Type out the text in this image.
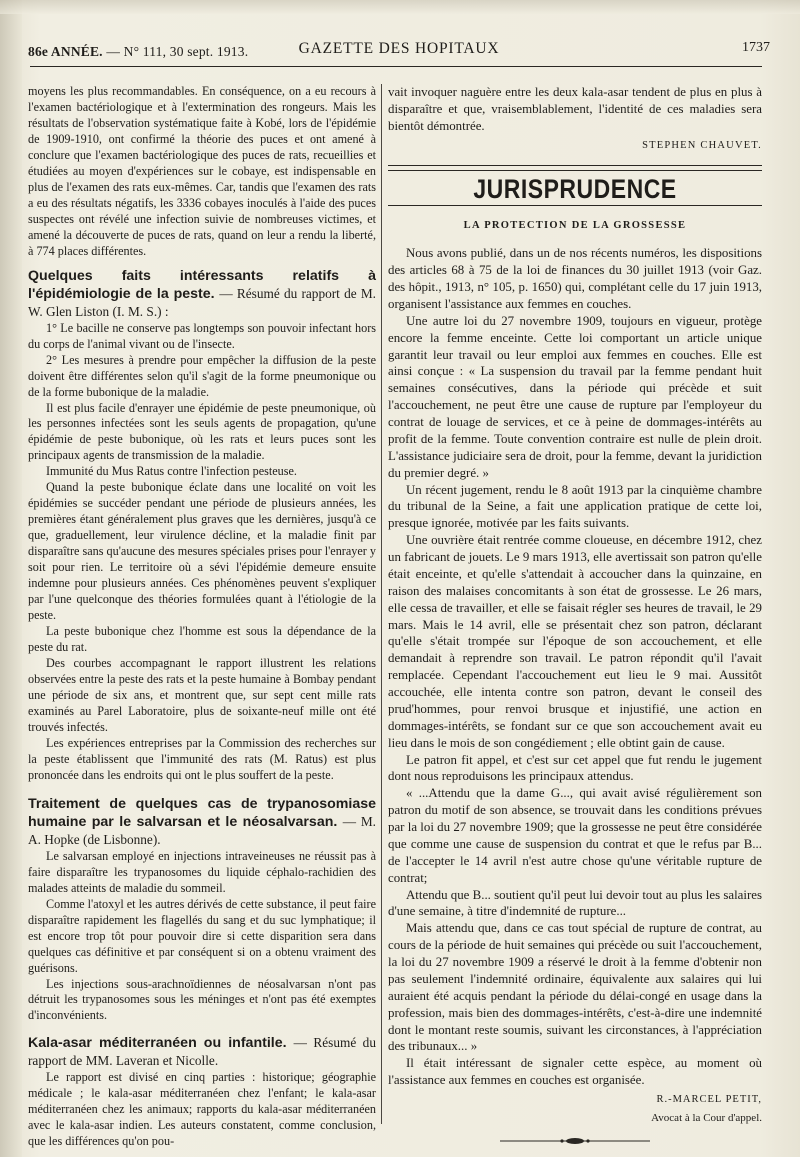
86e ANNÉE. — N° 111, 30 sept. 1913.	GAZETTE DES HOPITAUX	1737

moyens les plus recommandables. En conséquence, on a eu recours à l'examen bactériologique et à l'extermination des rongeurs. Mais les résultats de l'observation systématique faite à Kobé, lors de l'épidémie de 1909-1910, ont confirmé la théorie des puces et ont amené à conclure que l'examen bactériologique des puces de rats, recueillies et étudiées au moyen d'expériences sur le cobaye, est indispensable en plus de l'examen des rats eux-mêmes. Car, tandis que l'examen des rats a eu des résultats négatifs, les 3336 cobayes inoculés à l'aide des puces suspectes ont révélé une infection suivie de nombreuses victimes, et amené la découverte de puces de rats, quand on leur a rendu la liberté, à 774 places différentes.

Quelques faits intéressants relatifs à l'épidémiologie de la peste. — Résumé du rapport de M. W. Glen Liston (I. M. S.) :

1° Le bacille ne conserve pas longtemps son pouvoir infectant hors du corps de l'animal vivant ou de l'insecte.

2° Les mesures à prendre pour empêcher la diffusion de la peste doivent être différentes selon qu'il s'agit de la forme pneumonique ou de la forme bubonique de la maladie.

Il est plus facile d'enrayer une épidémie de peste pneumonique, où les personnes infectées sont les seuls agents de propagation, qu'une épidémie de peste bubonique, où les rats et leurs puces sont les principaux agents de transmission de la maladie.

Immunité du Mus Ratus contre l'infection pesteuse.

Quand la peste bubonique éclate dans une localité on voit les épidémies se succéder pendant une période de plusieurs années, les premières étant généralement plus graves que les dernières, jusqu'à ce que, graduellement, leur virulence décline, et la maladie finit par disparaître sans qu'aucune des mesures spéciales prises pour l'enrayer y soit pour rien. Le territoire où a sévi l'épidémie demeure ensuite indemne pour plusieurs années. Ces phénomènes peuvent s'expliquer par l'une quelconque des théories formulées quant à l'étiologie de la peste.

La peste bubonique chez l'homme est sous la dépendance de la peste du rat.

Des courbes accompagnant le rapport illustrent les relations observées entre la peste des rats et la peste humaine à Bombay pendant une période de six ans, et montrent que, sur sept cent mille rats examinés au Parel Laboratoire, plus de soixante-neuf mille ont été trouvés infectés.

Les expériences entreprises par la Commission des recherches sur la peste établissent que l'immunité des rats (M. Ratus) est plus prononcée dans les endroits qui ont le plus souffert de la peste.

Traitement de quelques cas de trypanosomiase humaine par le salvarsan et le néosalvarsan. — M. A. Hopke (de Lisbonne).

Le salvarsan employé en injections intraveineuses ne réussit pas à faire disparaître les trypanosomes du liquide céphalo-rachidien des malades atteints de maladie du sommeil.

Comme l'atoxyl et les autres dérivés de cette substance, il peut faire disparaître rapidement les flagellés du sang et du suc lymphatique; il est encore trop tôt pour pouvoir dire si cette disparition sera dans quelques cas définitive et par conséquent si on a obtenu vraiment des guérisons.

Les injections sous-arachnoïdiennes de néosalvarsan n'ont pas détruit les trypanosomes sous les méninges et n'ont pas été exemptes d'inconvénients.

Kala-asar méditerranéen ou infantile. — Résumé du rapport de MM. Laveran et Nicolle.

Le rapport est divisé en cinq parties : historique; géographie médicale ; le kala-asar méditerranéen chez l'enfant; le kala-asar méditerranéen chez les animaux; rapports du kala-asar méditerranéen avec le kala-asar indien. Les auteurs constatent, comme conclusion, que les différences qu'on pou-

vait invoquer naguère entre les deux kala-asar tendent de plus en plus à disparaître et que, vraisemblablement, l'identité de ces maladies sera bientôt démontrée.

STEPHEN CHAUVET.
JURISPRUDENCE
LA PROTECTION DE LA GROSSESSE

Nous avons publié, dans un de nos récents numéros, les dispositions des articles 68 à 75 de la loi de finances du 30 juillet 1913 (voir Gaz. des hôpit., 1913, n° 105, p. 1650) qui, complétant celle du 17 juin 1913, organisent l'assistance aux femmes en couches.

Une autre loi du 27 novembre 1909, toujours en vigueur, protège encore la femme enceinte. Cette loi comportant un article unique garantit leur travail ou leur emploi aux femmes en couches. Elle est ainsi conçue : « La suspension du travail par la femme pendant huit semaines consécutives, dans la période qui précède et suit l'accouchement, ne peut être une cause de rupture par l'employeur du contrat de louage de services, et ce à peine de dommages-intérêts au profit de la femme. Toute convention contraire est nulle de plein droit. L'assistance judiciaire sera de droit, pour la femme, devant la juridiction du premier degré. »

Un récent jugement, rendu le 8 août 1913 par la cinquième chambre du tribunal de la Seine, a fait une application pratique de cette loi, presque ignorée, motivée par les faits suivants.

Une ouvrière était rentrée comme cloueuse, en décembre 1912, chez un fabricant de jouets. Le 9 mars 1913, elle avertissait son patron qu'elle était enceinte, et qu'elle s'attendait à accoucher dans la quinzaine, en raison des malaises concomitants à son état de grossesse. Le 26 mars, elle cessa de travailler, et elle se faisait régler ses heures de travail, le 29 mars. Mais le 14 avril, elle se présentait chez son patron, déclarant qu'elle s'était trompée sur l'époque de son accouchement, et elle demandait à reprendre son travail. Le patron répondit qu'il l'avait remplacée. Cependant l'accouchement eut lieu le 9 mai. Aussitôt accouchée, elle intenta contre son patron, devant le conseil des prud'hommes, pour renvoi brusque et injustifié, une action en dommages-intérêts, se fondant sur ce que son accouchement avait eu lieu dans le mois de son congédiement ; elle obtint gain de cause.

Le patron fit appel, et c'est sur cet appel que fut rendu le jugement dont nous reproduisons les principaux attendus.

« ...Attendu que la dame G..., qui avait avisé régulièrement son patron du motif de son absence, se trouvait dans les conditions prévues par la loi du 27 novembre 1909; que la grossesse ne peut être considérée que comme une cause de suspension du contrat et que le refus par B... de l'accepter le 14 avril n'est autre chose qu'une véritable rupture de contrat;

Attendu que B... soutient qu'il peut lui devoir tout au plus les salaires d'une semaine, à titre d'indemnité de rupture...

Mais attendu que, dans ce cas tout spécial de rupture de contrat, au cours de la période de huit semaines qui précède ou suit l'accouchement, la loi du 27 novembre 1909 a réservé le droit à la femme d'obtenir non pas seulement l'indemnité ordinaire, équivalente aux salaires qui lui auraient été acquis pendant la période du délai-congé en usage dans la profession, mais bien des dommages-intérêts, c'est-à-dire une indemnité dont le montant reste soumis, suivant les circonstances, à l'appréciation des tribunaux... »

Il était intéressant de signaler cette espèce, au moment où l'assistance aux femmes en couches est organisée.

R.-MARCEL PETIT,
Avocat à la Cour d'appel.
